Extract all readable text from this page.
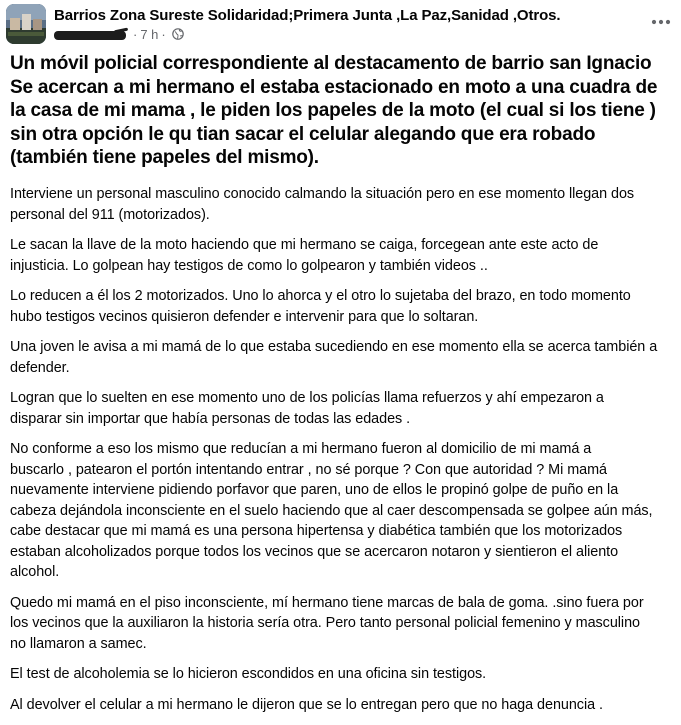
Barrios Zona Sureste Solidaridad;Primera Junta ,La Paz,Sanidad ,Otros.
· 7 h ·
Un móvil policial correspondiente al destacamento de barrio san Ignacio
Se acercan a mi hermano el estaba estacionado en moto a una cuadra de
la casa de mi mama , le piden los papeles de la moto (el cual si los tiene )
sin otra opción le qu tian sacar el celular alegando que era robado
(también tiene papeles del mismo).

Interviene un personal masculino conocido calmando la situación pero en ese momento llegan dos
personal del 911 (motorizados).

Le sacan la llave de la moto haciendo que mi hermano se caiga, forcegean ante este acto de
injusticia. Lo golpean hay testigos de como lo golpearon y también videos ..

Lo reducen a él los 2 motorizados. Uno lo ahorca y el otro lo sujetaba del brazo, en todo momento
hubo testigos vecinos quisieron defender e intervenir para que lo soltaran.

Una joven le avisa a mi mamá de lo que estaba sucediendo en ese momento ella se acerca también a
defender.

Logran que lo suelten en ese momento uno de los policías llama refuerzos y ahí empezaron a
disparar sin importar que había personas de todas las edades .

No conforme a eso los mismo que reducían a mi hermano fueron al domicilio de mi mamá a
buscarlo , patearon el portón intentando entrar , no sé porque ? Con que autoridad ? Mi mamá
nuevamente interviene pidiendo porfavor que paren, uno de ellos le propinó golpe de puño en la
cabeza dejándola inconsciente en el suelo haciendo que al caer descompensada se golpee aún más,
cabe destacar que mi mamá es una persona hipertensa y diabética también que los motorizados
estaban alcoholizados porque todos los vecinos que se acercaron notaron y sientieron el aliento
alcohol.

Quedo mi mamá en el piso inconsciente, mí hermano tiene marcas de bala de goma. .sino fuera por
los vecinos que la auxiliaron la historia sería otra. Pero tanto personal policial femenino y masculino
no llamaron a samec.

El test de alcoholemia se lo hicieron escondidos en una oficina sin testigos.

Al devolver el celular a mi hermano le dijeron que se lo entregan pero que no haga denuncia .
